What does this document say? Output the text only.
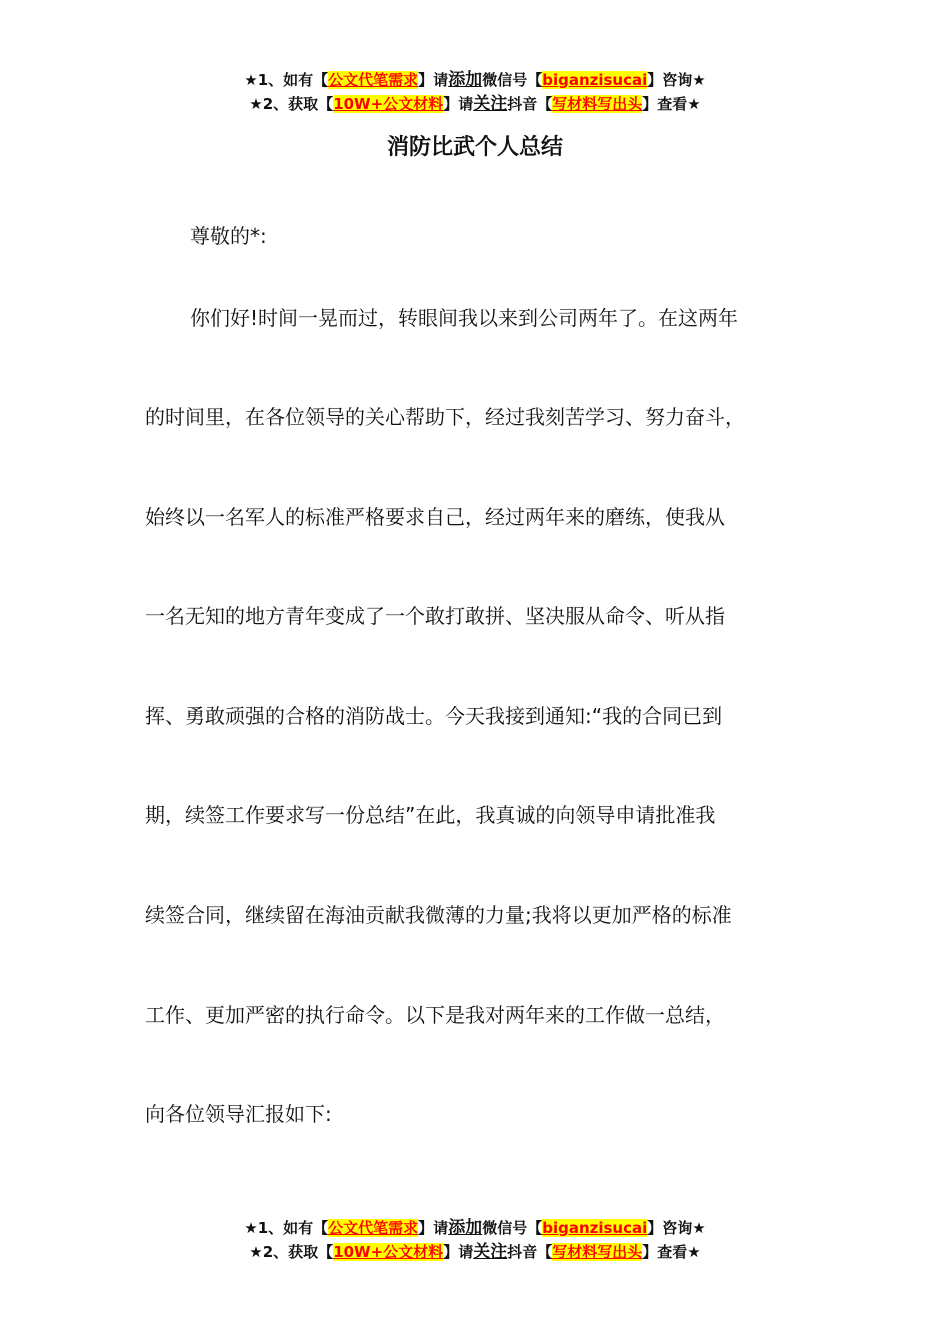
★1、如有【公文代笔需求】请添加微信号【biganzisucai】咨询★
★2、获取【10W+公文材料】请关注抖音【写材料写出头】查看★
消防比武个人总结
尊敬的*:
你们好!时间一晃而过，转眼间我以来到公司两年了。在这两年
的时间里，在各位领导的关心帮助下，经过我刻苦学习、努力奋斗，
始终以一名军人的标准严格要求自己，经过两年来的磨练，使我从
一名无知的地方青年变成了一个敢打敢拼、坚决服从命令、听从指
挥、勇敢顽强的合格的消防战士。今天我接到通知:“我的合同已到
期，续签工作要求写一份总结”在此，我真诚的向领导申请批准我
续签合同，继续留在海油贡献我微薄的力量;我将以更加严格的标准
工作、更加严密的执行命令。以下是我对两年来的工作做一总结，
向各位领导汇报如下:
★1、如有【公文代笔需求】请添加微信号【biganzisucai】咨询★
★2、获取【10W+公文材料】请关注抖音【写材料写出头】查看★
